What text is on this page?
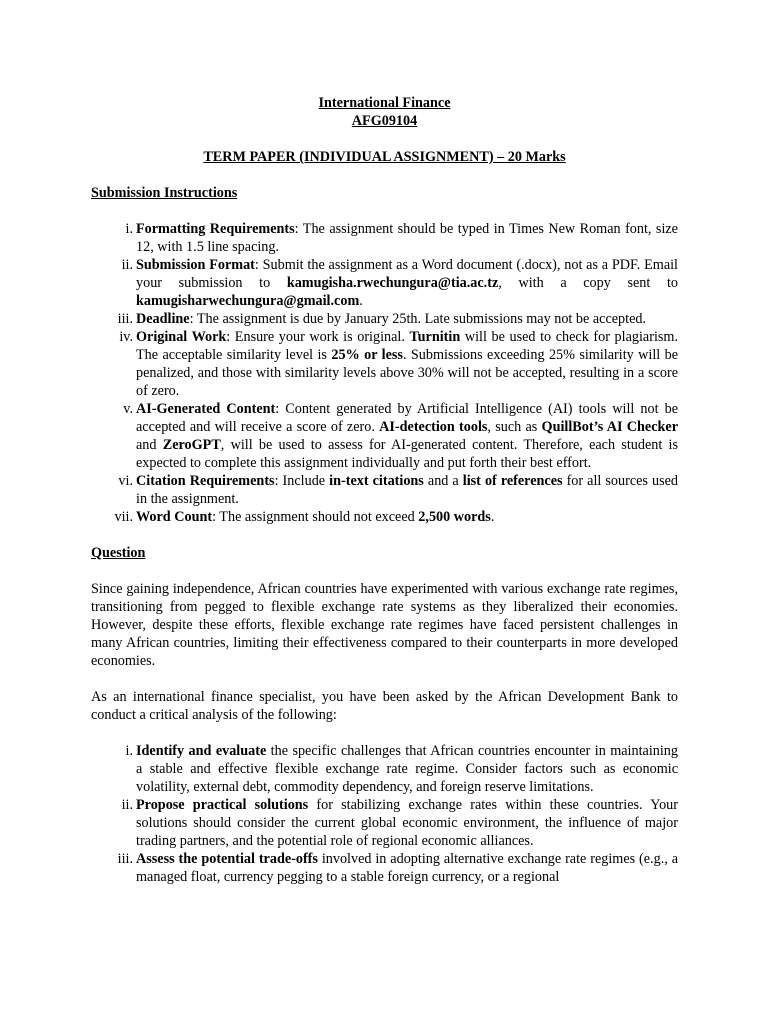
International Finance

AFG09104

TERM PAPER (INDIVIDUAL ASSIGNMENT) – 20 Marks

Submission Instructions

i. Formatting Requirements: The assignment should be typed in Times New Roman font, size 12, with 1.5 line spacing.
ii. Submission Format: Submit the assignment as a Word document (.docx), not as a PDF. Email your submission to kamugisha.rwechungura@tia.ac.tz, with a copy sent to kamugisharwechungura@gmail.com.
iii. Deadline: The assignment is due by January 25th. Late submissions may not be accepted.
iv. Original Work: Ensure your work is original. Turnitin will be used to check for plagiarism. The acceptable similarity level is 25% or less. Submissions exceeding 25% similarity will be penalized, and those with similarity levels above 30% will not be accepted, resulting in a score of zero.
v. AI-Generated Content: Content generated by Artificial Intelligence (AI) tools will not be accepted and will receive a score of zero. AI-detection tools, such as QuillBot’s AI Checker and ZeroGPT, will be used to assess for AI-generated content. Therefore, each student is expected to complete this assignment individually and put forth their best effort.
vi. Citation Requirements: Include in-text citations and a list of references for all sources used in the assignment.
vii. Word Count: The assignment should not exceed 2,500 words.

Question

Since gaining independence, African countries have experimented with various exchange rate regimes, transitioning from pegged to flexible exchange rate systems as they liberalized their economies. However, despite these efforts, flexible exchange rate regimes have faced persistent challenges in many African countries, limiting their effectiveness compared to their counterparts in more developed economies.

As an international finance specialist, you have been asked by the African Development Bank to conduct a critical analysis of the following:

i. Identify and evaluate the specific challenges that African countries encounter in maintaining a stable and effective flexible exchange rate regime. Consider factors such as economic volatility, external debt, commodity dependency, and foreign reserve limitations.
ii. Propose practical solutions for stabilizing exchange rates within these countries. Your solutions should consider the current global economic environment, the influence of major trading partners, and the potential role of regional economic alliances.
iii. Assess the potential trade-offs involved in adopting alternative exchange rate regimes (e.g., a managed float, currency pegging to a stable foreign currency, or a regional
